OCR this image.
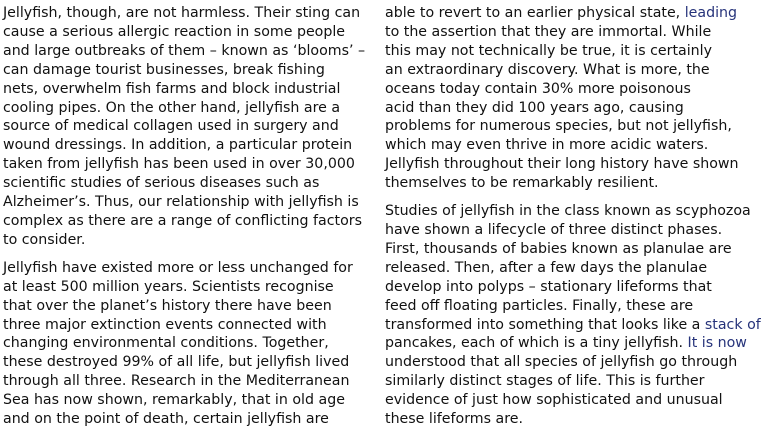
Jellyfish, though, are not harmless. Their sting can
cause a serious allergic reaction in some people
and large outbreaks of them – known as ‘blooms’ –
can damage tourist businesses, break fishing
nets, overwhelm fish farms and block industrial
cooling pipes. On the other hand, jellyfish are a
source of medical collagen used in surgery and
wound dressings. In addition, a particular protein
taken from jellyfish has been used in over 30,000
scientific studies of serious diseases such as
Alzheimer’s. Thus, our relationship with jellyfish is
complex as there are a range of conflicting factors
to consider.
Jellyfish have existed more or less unchanged for
at least 500 million years. Scientists recognise
that over the planet’s history there have been
three major extinction events connected with
changing environmental conditions. Together,
these destroyed 99% of all life, but jellyfish lived
through all three. Research in the Mediterranean
Sea has now shown, remarkably, that in old age
and on the point of death, certain jellyfish are
able to revert to an earlier physical state, leading
to the assertion that they are immortal. While
this may not technically be true, it is certainly
an extraordinary discovery. What is more, the
oceans today contain 30% more poisonous
acid than they did 100 years ago, causing
problems for numerous species, but not jellyfish,
which may even thrive in more acidic waters.
Jellyfish throughout their long history have shown
themselves to be remarkably resilient.
Studies of jellyfish in the class known as scyphozoa
have shown a lifecycle of three distinct phases.
First, thousands of babies known as planulae are
released. Then, after a few days the planulae
develop into polyps – stationary lifeforms that
feed off floating particles. Finally, these are
transformed into something that looks like a stack of
pancakes, each of which is a tiny jellyfish. It is now
understood that all species of jellyfish go through
similarly distinct stages of life. This is further
evidence of just how sophisticated and unusual
these lifeforms are.
